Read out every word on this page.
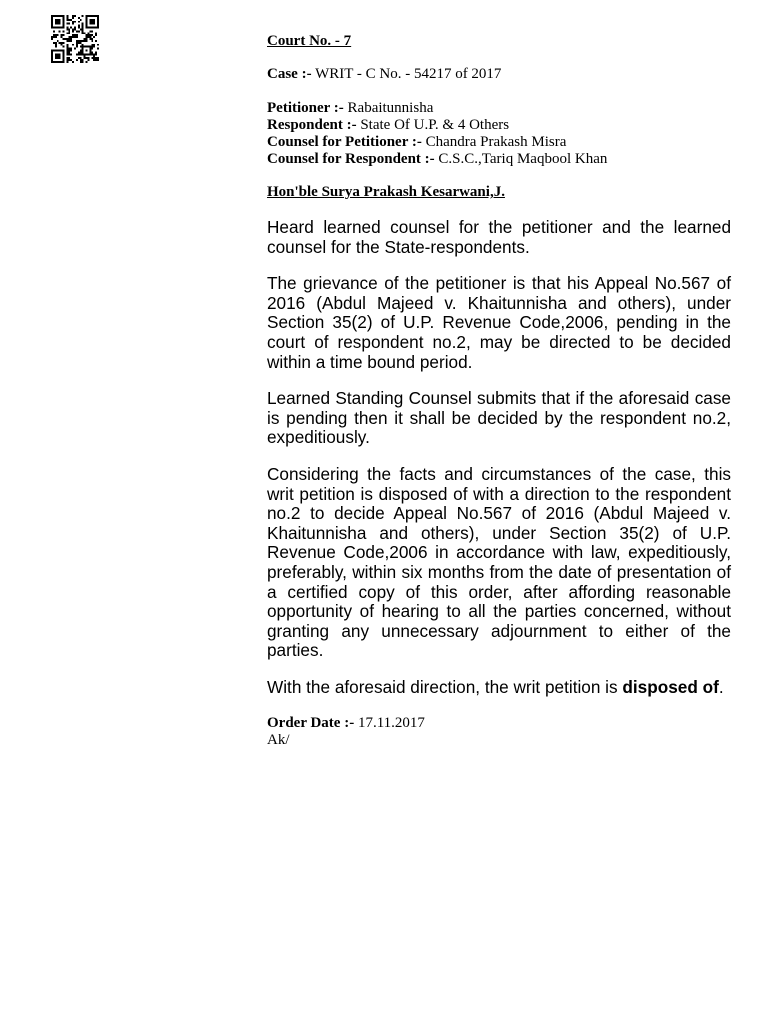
Court No. - 7

Case :- WRIT - C No. - 54217 of 2017

Petitioner :- Rabaitunnisha

Respondent :- State Of U.P. & 4 Others

Counsel for Petitioner :- Chandra Prakash Misra

Counsel for Respondent :- C.S.C.,Tariq Maqbool Khan

Hon'ble Surya Prakash Kesarwani,J.

Heard learned counsel for the petitioner and the learned counsel for the State-respondents.

The grievance of the petitioner is that his Appeal No.567 of 2016 (Abdul Majeed v. Khaitunnisha and others), under Section 35(2) of U.P. Revenue Code,2006, pending in the court of respondent no.2, may be directed to be decided within a time bound period.

Learned Standing Counsel submits that if the aforesaid case is pending then it shall be decided by the respondent no.2, expeditiously.

Considering the facts and circumstances of the case, this writ petition is disposed of with a direction to the respondent no.2 to decide Appeal No.567 of 2016 (Abdul Majeed v. Khaitunnisha and others), under Section 35(2) of U.P. Revenue Code,2006 in accordance with law, expeditiously, preferably, within six months from the date of presentation of a certified copy of this order, after affording reasonable opportunity of hearing to all the parties concerned, without granting any unnecessary adjournment to either of the parties.

With the aforesaid direction, the writ petition is disposed of.

Order Date :- 17.11.2017

Ak/
